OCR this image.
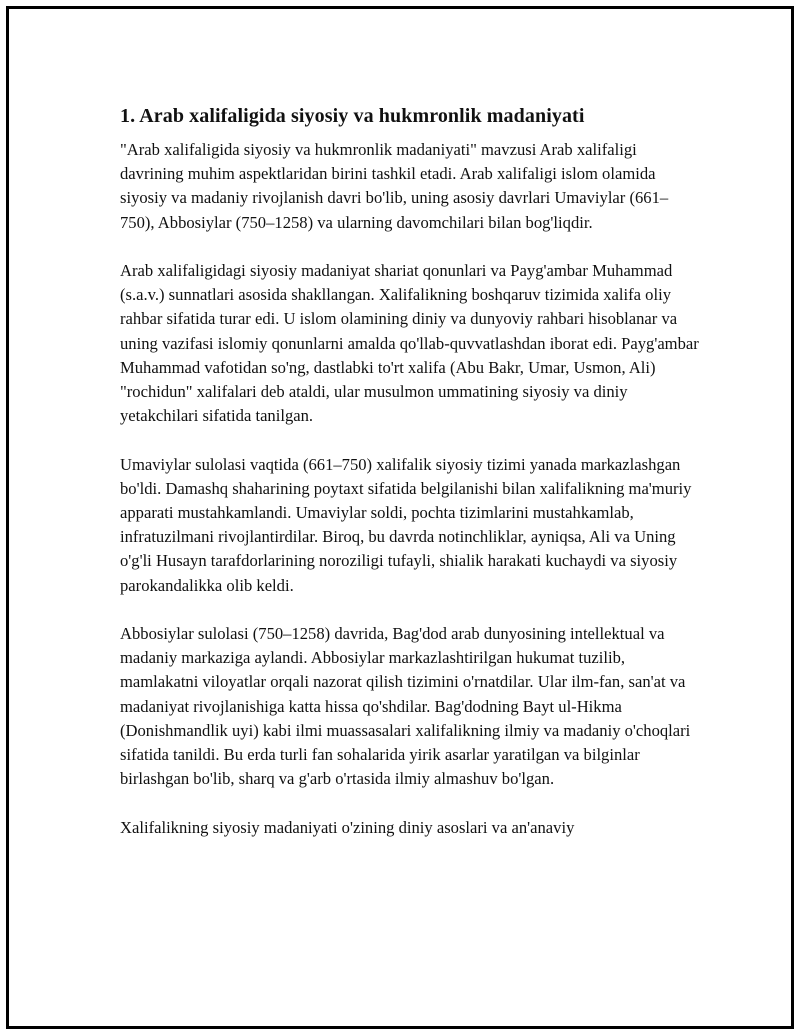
1. Arab xalifaligida siyosiy va hukmronlik madaniyati

"Arab xalifaligida siyosiy va hukmronlik madaniyati" mavzusi Arab xalifaligi davrining muhim aspektlaridan birini tashkil etadi. Arab xalifaligi islom olamida siyosiy va madaniy rivojlanish davri bo'lib, uning asosiy davrlari Umaviylar (661–750), Abbosiylar (750–1258) va ularning davomchilari bilan bog'liqdir.

Arab xalifaligidagi siyosiy madaniyat shariat qonunlari va Payg'ambar Muhammad (s.a.v.) sunnatlari asosida shakllangan. Xalifalikning boshqaruv tizimida xalifa oliy rahbar sifatida turar edi. U islom olamining diniy va dunyoviy rahbari hisoblanar va uning vazifasi islomiy qonunlarni amalda qo'llab-quvvatlashdan iborat edi. Payg'ambar Muhammad vafotidan so'ng, dastlabki to'rt xalifa (Abu Bakr, Umar, Usmon, Ali) "rochidun" xalifalari deb ataldi, ular musulmon ummatining siyosiy va diniy yetakchilari sifatida tanilgan.

Umaviylar sulolasi vaqtida (661–750) xalifalik siyosiy tizimi yanada markazlashgan bo'ldi. Damashq shaharining poytaxt sifatida belgilanishi bilan xalifalikning ma'muriy apparati mustahkamlandi. Umaviylar soldi, pochta tizimlarini mustahkamlab, infratuzilmani rivojlantirdilar. Biroq, bu davrda notinchliklar, ayniqsa, Ali va Uning o'g'li Husayn tarafdorlarining noroziligi tufayli, shialik harakati kuchaydi va siyosiy parokandalikka olib keldi.

Abbosiylar sulolasi (750–1258) davrida, Bag'dod arab dunyosining intellektual va madaniy markaziga aylandi. Abbosiylar markazlashtirilgan hukumat tuzilib, mamlakatni viloyatlar orqali nazorat qilish tizimini o'rnatdilar. Ular ilm-fan, san'at va madaniyat rivojlanishiga katta hissa qo'shdilar. Bag'dodning Bayt ul-Hikma (Donishmandlik uyi) kabi ilmi muassasalari xalifalikning ilmiy va madaniy o'choqlari sifatida tanildi. Bu erda turli fan sohalarida yirik asarlar yaratilgan va bilginlar birlashgan bo'lib, sharq va g'arb o'rtasida ilmiy almashuv bo'lgan.

Xalifalikning siyosiy madaniyati o'zining diniy asoslari va an'anaviy
